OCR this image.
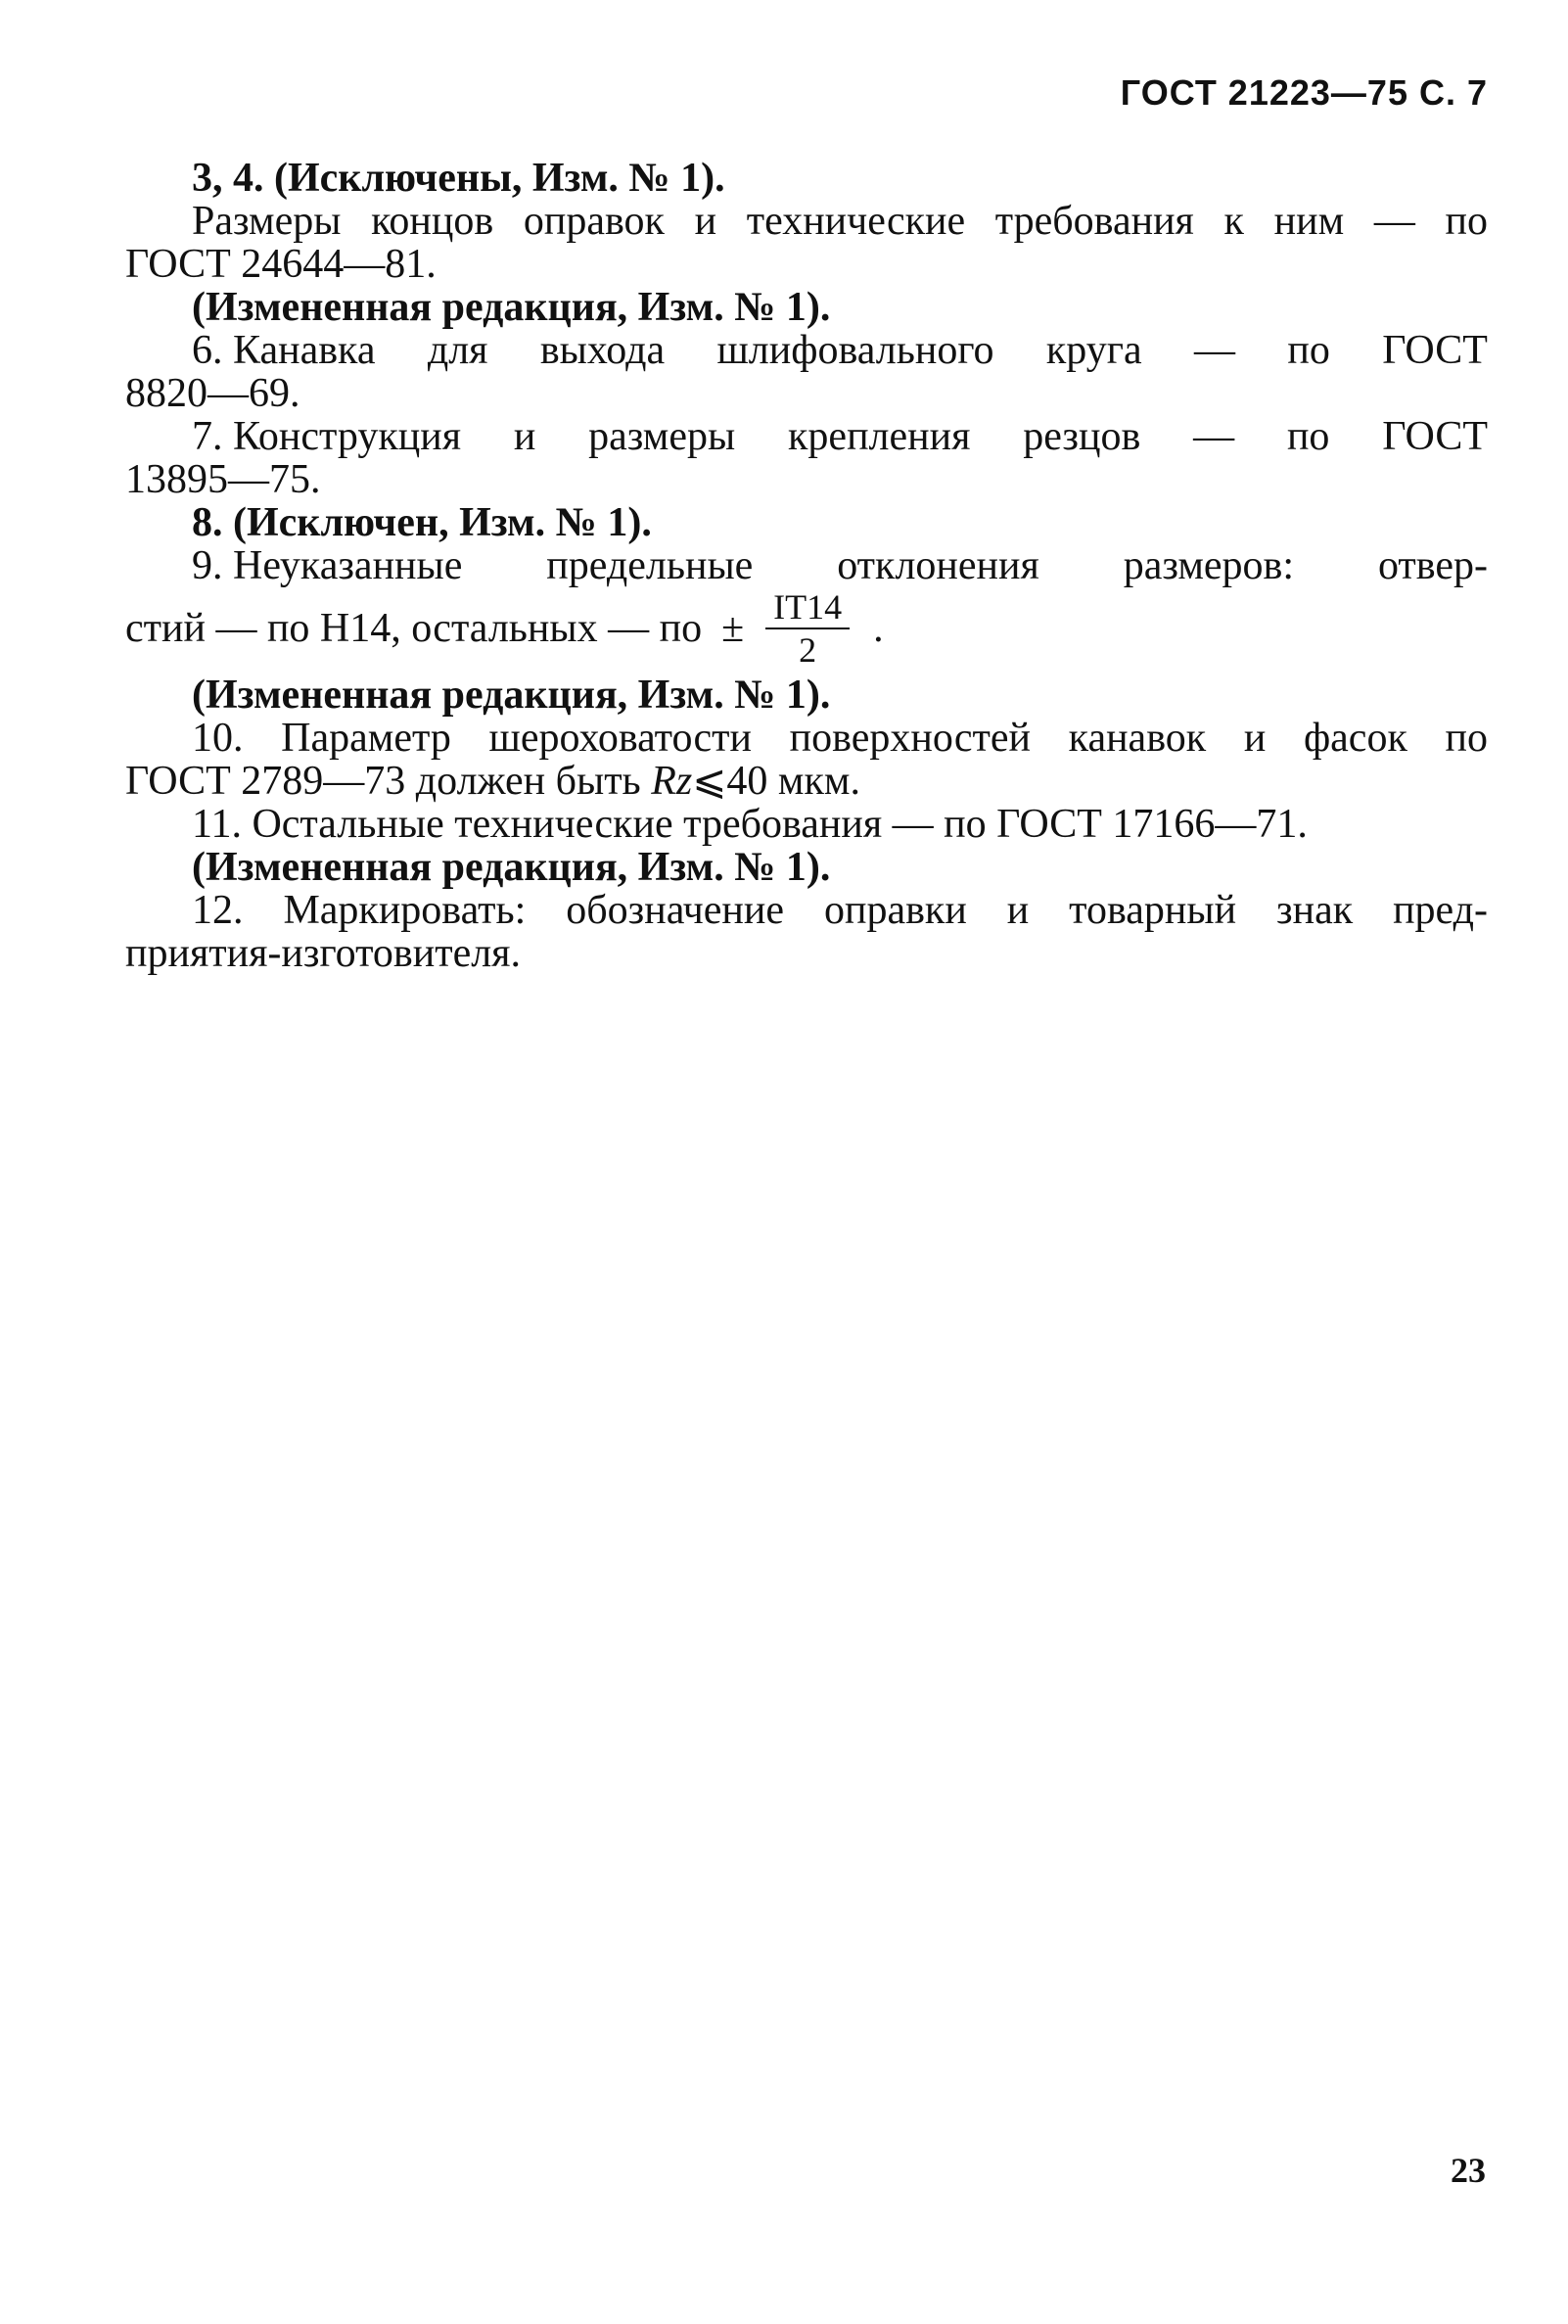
ГОСТ 21223—75 С. 7
3, 4. (Исключены, Изм. № 1).
Размеры концов оправок и технические требования к ним — по
ГОСТ 24644—81.
(Измененная редакция, Изм. № 1).
6. Канавка для выхода шлифовального круга — по ГОСТ
8820—69.
7. Конструкция и размеры крепления резцов — по ГОСТ
13895—75.
8. (Исключен, Изм. № 1).
9. Неуказанные предельные отклонения размеров: отвер-
стий — по H14, остальных — по ± $\frac{IT14}{2}$ .
(Измененная редакция, Изм. № 1).
10. Параметр шероховатости поверхностей канавок и фасок по
ГОСТ 2789—73 должен быть
Rz ⩽40 мкм.
11. Остальные технические требования — по ГОСТ 17166—71.
(Измененная редакция, Изм. № 1).
12. Маркировать: обозначение оправки и товарный знак пред-
приятия-изготовителя.
23
